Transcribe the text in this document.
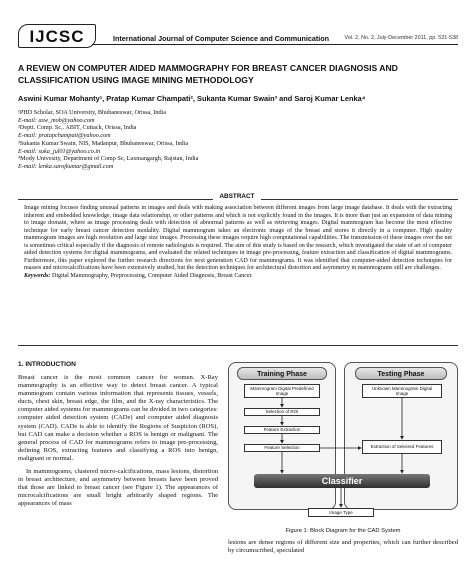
IJCSC	International Journal of Computer Science and Communication	Vol. 2, No. 2, July-December 2011, pp. 531-538
A REVIEW ON COMPUTER AIDED MAMMOGRAPHY FOR BREAST CANCER DIAGNOSIS AND CLASSIFICATION USING IMAGE MINING METHODOLOGY
Aswini Kumar Mohanty¹, Pratap Kumar Champati², Sukanta Kumar Swain³ and Saroj Kumar Lenka⁴
¹PHD Scholar, SOA University, Bhubaneswar, Orissa, India
E-mail: asw_mob@yahoo.com
²Deptt. Comp. Sc,. ABIT, Cuttack, Orissa, India
E-mail: pratapchampati@yahoo.com
³Sukanta Kumar Swain, NIS, Madanpur, Bhubaneswar, Orissa, India
E-mail: suka_jul01@yahoo.co.in
⁴Mody Univesity, Department of Comp Sc, Laxmangargh, Rajstan, India
E-mail: lenka.sarojkumar@gmail.com
ABSTRACT

Image mining focuses finding unusual patterns in images and deals with making association between different images from large image database. It deals with the extracting inherent and embedded knowledge, image data relationship, or other patterns and which is not explicitly found in the images. It is more than just an expansion of data mining to image domain, where as image processing deals with detection of abnormal patterns as well as retrieving images. Digital mammogram has become the most effective technique for early breast cancer detection modality. Digital mammogram takes an electronic image of the breast and stores it directly in a computer. High quality mammogram images are high resolution and large size images. Processing these images require high computational capabilities. The transmission of these images over the net is sometimes critical especially if the diagnosis of remote radiologists is required. The aim of this study is based on the research, which investigated the state of art of computer aided detection systems for digital mammograms, and evaluated the related techniques in image pre-processing, feature extraction and classification of digital mammograms. Furthermore, this paper explored the further research directions for next generation CAD for mammograms. It was identified that computer-aided detection techniques for masses and microcalcifications have been extensively studied, but the detection techniques for architectural distortion and asymmetry in mammograms still are challenges.

Keywords: Digital Mammography, Preprocessing, Computer Aided Diagnosis, Breast Cancer.

1. INTRODUCTION

Breast cancer is the most common cancer for women. X-Ray mammography is an effective way to detect breast cancer. A typical mammogram contain various information that represents tissues, vessels, ducts, chest skin, breast edge, the film, and the X-ray characteristics. The computer aided systems for mammograms can be divided in two categories: computer aided detection system (CADe) and computer aided diagnosis system (CAD). CADe is able to identify the Regions of Suspicion (ROS), but CAD can make a decision whether a ROS is benign or malignant. The general process of CAD for mammograms refers to image pre-processing, defining ROS, extracting features and classifying a ROS into benign, malignant or normal.

In mammograms, clustered micro-calcifications, mass lesions, distortion in breast architecture, and asymmetry between breasts have been proved that those are linked to breast cancer (see Figure 1). The appearances of microcalcifications are small bright arbitrarily shaped regions. The appearances of mass

Training Phase	Testing Phase
Mammogram Digital Predefined Image
Selection of ROI
Feature Extraction
Feature Selection
Unknown Mammogram Digital Image
Extraction of Selected Features
Classifier
Image Type
Figure 1: Block Diagram for the CAD System

lesions are dense regions of different size and properties, which can further described by circumscribed, speculated
